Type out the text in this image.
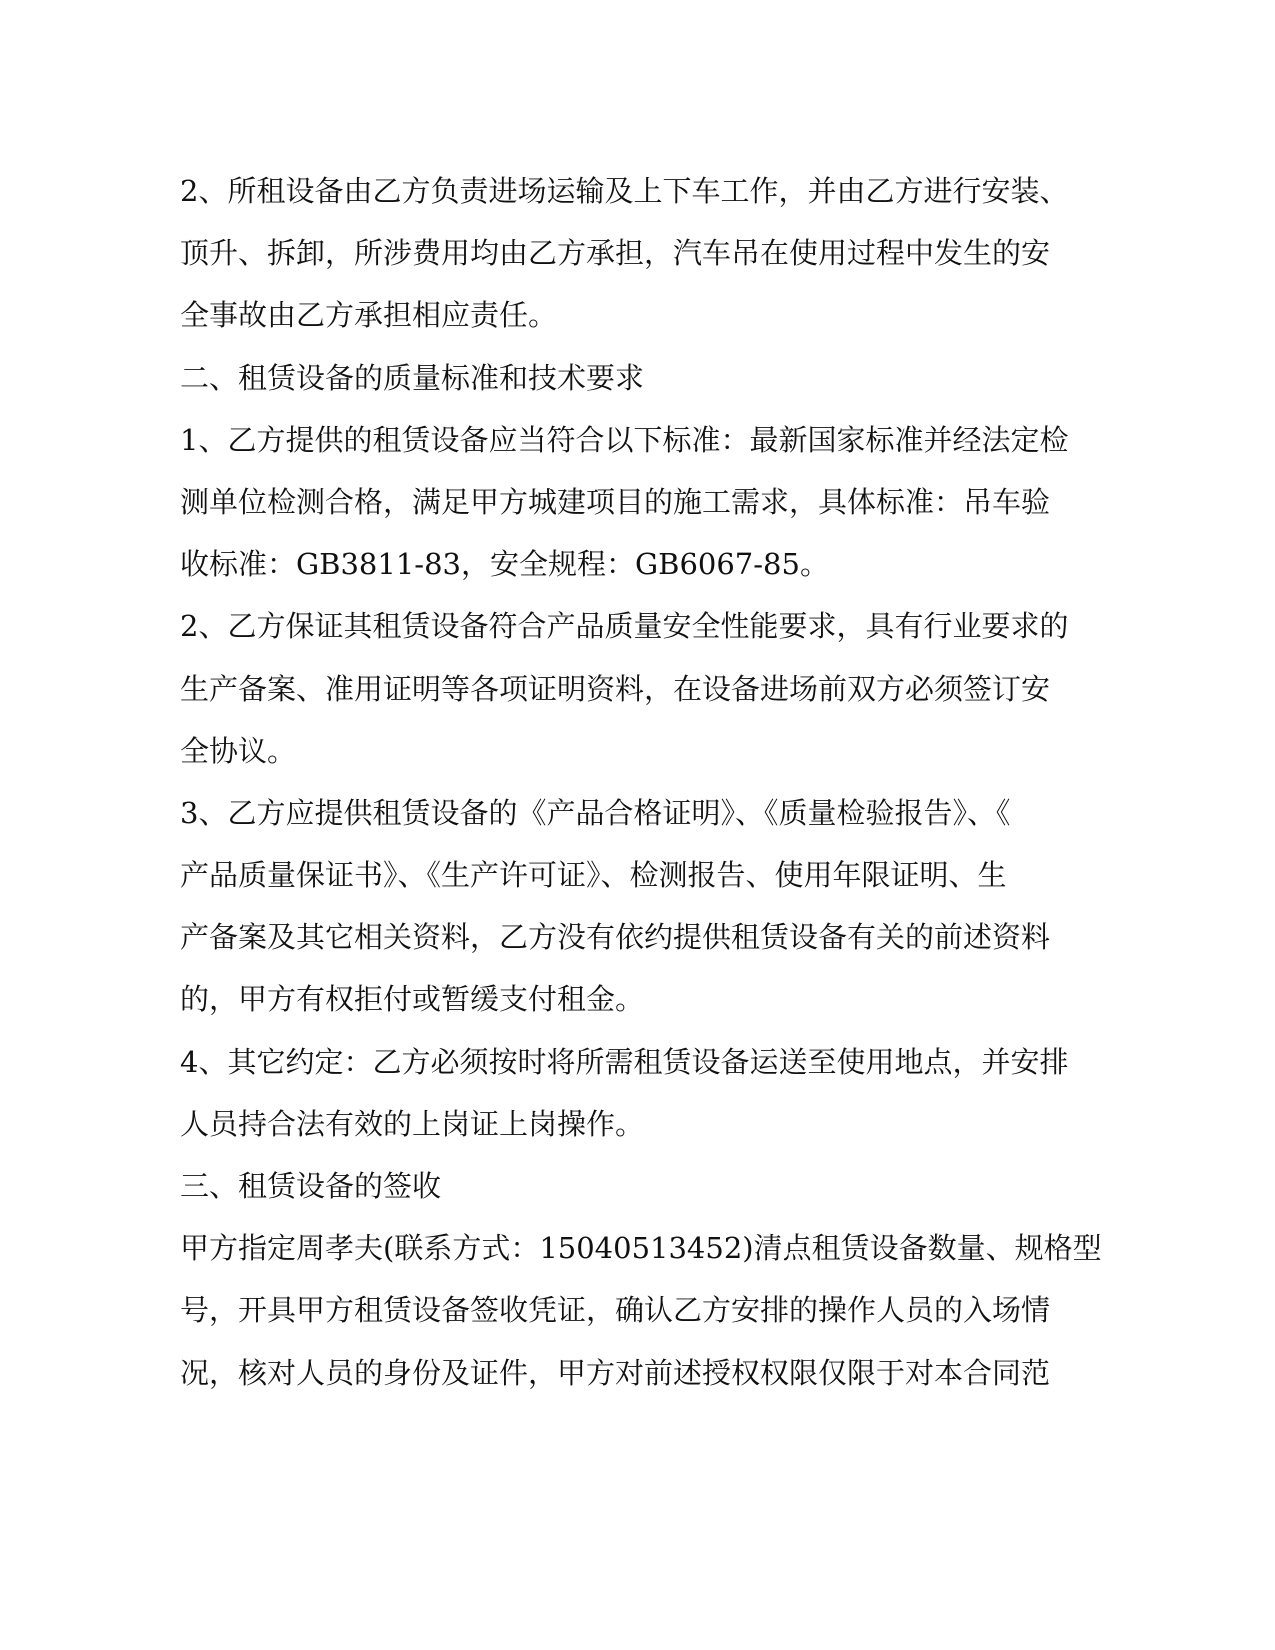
2、所租设备由乙方负责进场运输及上下车工作，并由乙方进行安装、
顶升、拆卸，所涉费用均由乙方承担，汽车吊在使用过程中发生的安
全事故由乙方承担相应责任。
二、租赁设备的质量标准和技术要求
1、乙方提供的租赁设备应当符合以下标准：最新国家标准并经法定检
测单位检测合格，满足甲方城建项目的施工需求，具体标准：吊车验
收标准：GB3811-83，安全规程：GB6067-85。
2、乙方保证其租赁设备符合产品质量安全性能要求，具有行业要求的
生产备案、准用证明等各项证明资料，在设备进场前双方必须签订安
全协议。
3、乙方应提供租赁设备的《产品合格证明》、《质量检验报告》、《
产品质量保证书》、《生产许可证》、检测报告、使用年限证明、生
产备案及其它相关资料，乙方没有依约提供租赁设备有关的前述资料
的，甲方有权拒付或暂缓支付租金。
4、其它约定：乙方必须按时将所需租赁设备运送至使用地点，并安排
人员持合法有效的上岗证上岗操作。
三、租赁设备的签收
甲方指定周孝夫(联系方式：15040513452)清点租赁设备数量、规格型
号，开具甲方租赁设备签收凭证，确认乙方安排的操作人员的入场情
况，核对人员的身份及证件，甲方对前述授权权限仅限于对本合同范
